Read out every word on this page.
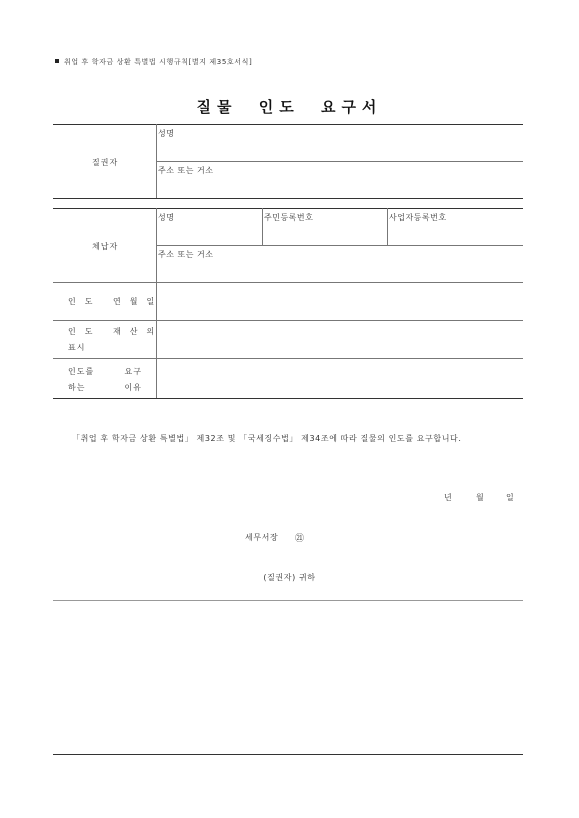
취업 후 학자금 상환 특별법 시행규칙[별지 제35호서식]
질물 인도 요구서
질권자
성명
주소 또는 거소
체납자
성명	주민등록번호	사업자등록번호
주소 또는 거소
인도 연월일
인도 재산의
표시
인도를 요구
하는 이유
「취업 후 학자금 상환 특별법」 제32조 및 「국세징수법」 제34조에 따라 질물의 인도를 요구합니다.
년	월	일
세무서장 ㉑
(질권자) 귀하
